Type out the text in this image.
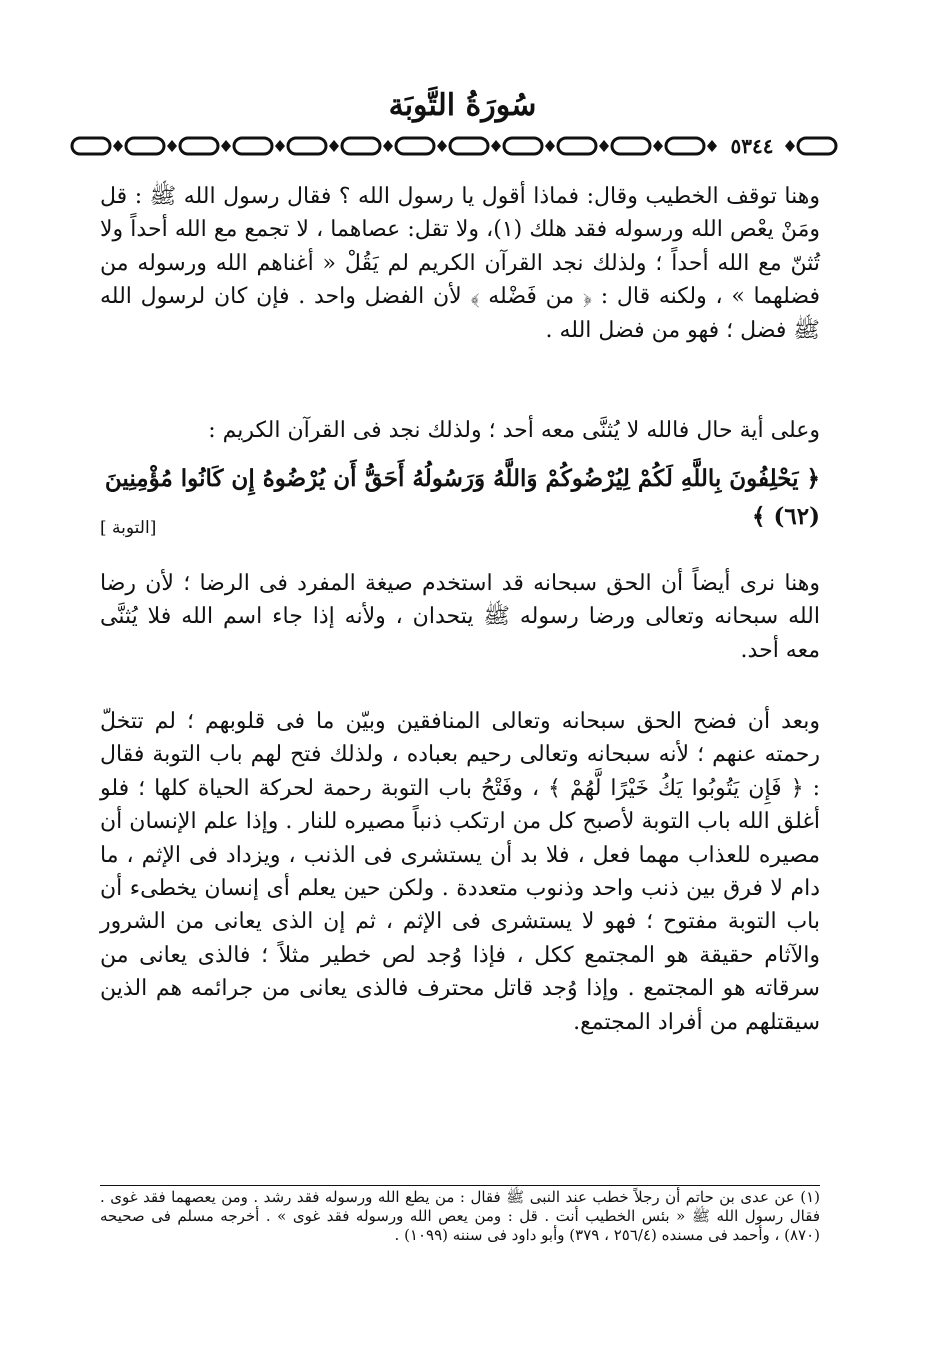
سُورَةُ التَّوبَة
٥٣٤٤

وهنا توقف الخطيب وقال: فماذا أقول يا رسول الله ؟ فقال رسول الله ﷺ : قل ومَنْ يعْص الله ورسوله فقد هلك (١)، ولا تقل: عصاهما ، لا تجمع مع الله أحداً ولا تُثنّ مع الله أحداً ؛ ولذلك نجد القرآن الكريم لم يَقُلْ « أغناهم الله ورسوله من فضلهما » ، ولكنه قال : ﴿ من فَضْله ﴾ لأن الفضل واحد . فإن كان لرسول الله ﷺ فضل ؛ فهو من فضل الله .

وعلى أية حال فالله لا يُثنَّى معه أحد ؛ ولذلك نجد فى القرآن الكريم :

﴿ يَحْلِفُونَ بِاللَّهِ لَكُمْ لِيُرْضُوكُمْ وَاللَّهُ وَرَسُولُهُ أَحَقُّ أَن يُرْضُوهُ إِن كَانُوا مُؤْمِنِينَ (٦٢) ﴾
[التوبة ]

وهنا نرى أيضاً أن الحق سبحانه قد استخدم صيغة المفرد فى الرضا ؛ لأن رضا الله سبحانه وتعالى ورضا رسوله ﷺ يتحدان ، ولأنه إذا جاء اسم الله فلا يُثنَّى معه أحد.

وبعد أن فضح الحق سبحانه وتعالى المنافقين وبيّن ما فى قلوبهم ؛ لم تتخلّ رحمته عنهم ؛ لأنه سبحانه وتعالى رحيم بعباده ، ولذلك فتح لهم باب التوبة فقال : ﴿ فَإِن يَتُوبُوا يَكُ خَيْرًا لَّهُمْ ﴾ ، وفَتْحُ باب التوبة رحمة لحركة الحياة كلها ؛ فلو أغلق الله باب التوبة لأصبح كل من ارتكب ذنباً مصيره للنار . وإذا علم الإنسان أن مصيره للعذاب مهما فعل ، فلا بد أن يستشرى فى الذنب ، ويزداد فى الإثم ، ما دام لا فرق بين ذنب واحد وذنوب متعددة . ولكن حين يعلم أى إنسان يخطىء أن باب التوبة مفتوح ؛ فهو لا يستشرى فى الإثم ، ثم إن الذى يعانى من الشرور والآثام حقيقة هو المجتمع ككل ، فإذا وُجد لص خطير مثلاً ؛ فالذى يعانى من سرقاته هو المجتمع . وإذا وُجد قاتل محترف فالذى يعانى من جرائمه هم الذين سيقتلهم من أفراد المجتمع.

(١) عن عدى بن حاتم أن رجلاً خطب عند النبى ﷺ فقال : من يطع الله ورسوله فقد رشد . ومن يعصهما فقد غوى . فقال رسول الله ﷺ « بئس الخطيب أنت . قل : ومن يعص الله ورسوله فقد غوى » . أخرجه مسلم فى صحيحه (٨٧٠) ، وأحمد فى مسنده (٢٥٦/٤ ، ٣٧٩) وأبو داود فى سننه (١٠٩٩) .
